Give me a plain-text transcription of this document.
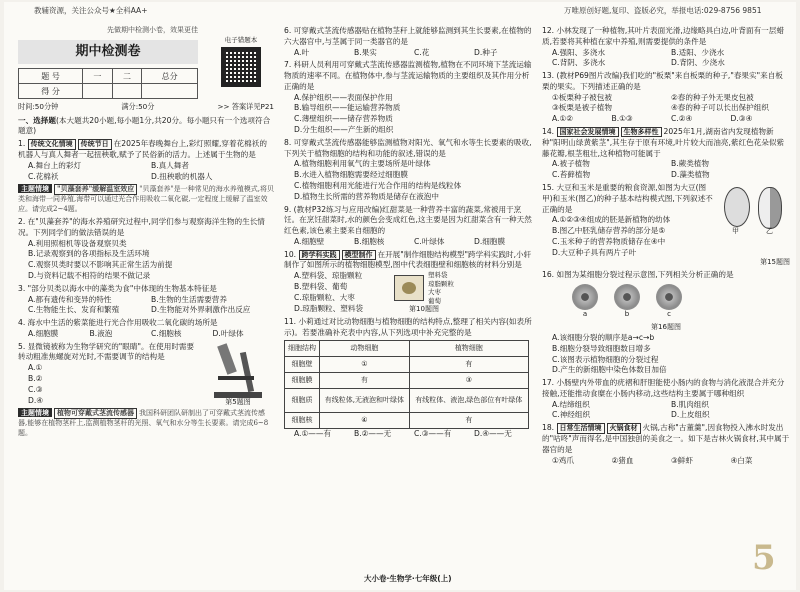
教辅资源，关注公众号★全科AA+	万唯原创好题,复印、盗版必究，举报电话:029-8756 9851
先做期中检测小卷，效果更佳
期中检测卷
题 号	一	二	总分
得 分			
电子错题本
时间:50分钟	满分:50分	>> 答案详见P21
一、选择题(本大题共20小题,每小题1分,共20分。每小题只有一个选项符合题意)
1. 传统文化情境 传统节日 在2025年春晚舞台上,彩灯照耀,穿着花棉袄的机器人与真人舞者一起扭秧歌,赋予了民俗新的活力。上述属于生物的是
A.舞台上的彩灯	B.真人舞者
C.花棉袄	D.扭秧歌的机器人
主题情境 "贝藻套养"缓解温室效应 "贝藻套养"是一种常见的海水养殖模式,将贝类和海带一同养殖,海带可以通过光合作用吸收二氧化碳,一定程度上缓解了温室效应。请完成2~4题。
2. 在"贝藻套养"的海水养殖研究过程中,同学们参与观察海洋生物的生长情况。下列同学们的做法错误的是
A.利用照相机等设备观察贝类
B.记录观察到的各项指标及生活环境
C.观察贝类时要以不影响其正常生活为前提
D.与资料记载不相符的结果不做记录
3. "部分贝类以海水中的藻类为食"中体现的生物基本特征是
A.都有遗传和变异的特性	B.生物的生活需要营养
C.生物能生长、发育和繁殖	D.生物能对外界刺激作出反应
4. 海水中生活的紫菜能进行光合作用吸收二氧化碳的场所是
A.细胞膜	B.液泡	C.细胞核	D.叶绿体
第5题图
5. 显微镜被称为生物学研究的"眼睛"。在使用时需要转动粗准焦螺旋对光时,不需要调节的结构是
A.①
B.②
C.③
D.④
主题情境 植物可穿戴式茎流传感器 我国科研团队研制出了可穿戴式茎流传感器,能够在植物茎秆上,监测植物茎秆的光照、氧气和水分等生长要素。请完成6~8题。
6. 可穿戴式茎流传感器贴在植物茎秆上就能够监测到其生长要素,在植物的六大器官中,与茎属于同一类器官的是
A.叶	B.果实	C.花	D.种子
7. 科研人员利用可穿戴式茎流传感器监测植物,植物在不同环境下茎流运输物质的速率不同。在植物体中,参与茎流运输物质的主要组织及其作用分析正确的是
A.保护组织——表面保护作用
B.输导组织——能运输营养物质
C.薄壁组织——储存营养物质
D.分生组织——产生新的组织
8. 可穿戴式茎流传感器能够监测植物对阳光、氧气和水等生长要素的吸收,下列关于植物细胞的结构和功能的叙述,错误的是
A.植物细胞利用氧气的主要场所是叶绿体
B.水进入植物细胞需要经过细胞膜
C.植物细胞利用光能进行光合作用的结构是线粒体
D.植物生长所需的营养物质是储存在液泡中
9. (教材P32练习与应用改编)红甜菜是一种营养丰富的蔬菜,常被用于烹饪。在烹饪甜菜时,水的颜色会变成红色,这主要是因为红甜菜含有一种天然红色素,该色素主要来自细胞的
A.细胞壁	B.细胞核	C.叶绿体	D.细胞膜
10. 跨学科实践 模型制作 在开展"制作细胞结构模型"跨学科实践时,小轩制作了如图所示的植物细胞模型,图中代表细胞壁和细胞核的材料分别是
A.塑料袋、琼脂颗粒
B.塑料袋、葡萄
C.琼脂颗粒、大枣
D.琼脂颗粒、塑料袋
塑料袋
琼脂颗粒
大枣
葡萄
第10题图
11. 小莉通过对比动物细胞与植物细胞的结构特点,整理了相关内容(如表所示)。若要准确补充表中内容,从下列选项中补充完整的是
细胞结构	动物细胞	植物细胞
细胞壁	①	有
细胞膜	有	③
细胞质	有线粒体,无液泡和叶绿体	有线粒体、液泡,绿色部位有叶绿体
细胞核	④	有
A.①——有	B.②——无	C.③——有	D.④——无
12. 小林发现了一种植物,其叶片表面光滑,边缘略具白边,叶背面有一层蜡质,若要将其种植在家中养殖,则需要提供的条件是
A.强阳、多浇水	B.适阳、少浇水
C.背阴、多浇水	D.背阴、少浇水
13. (教材P69图片改编)我们吃的"板栗"来自板栗的种子,"春果实"来自板栗的果实。下列描述正确的是
①板栗种子被包被	②春的种子外无果皮包被
③板栗是被子植物	④春的种子可以长出保护组织
A.①②	B.①③	C.②④	D.③④
14. 国家社会发展情境 生物多样性 2025年1月,湖南省内发现植物新种"阳明山绿黄紫茎",其生存于原有环境,叶片较大而油亮,紫红色花朵似紫藤花瓣,根茎粗壮,这种植物可能属于
A.被子植物	B.蕨类植物
C.苔藓植物	D.藻类植物
甲	乙
15. 大豆和玉米是重要的粮食资源,如图为大豆(图甲)和玉米(图乙)的种子基本结构模式图,下列叙述不正确的是
A.①②③④组成的胚是新植物的幼体
B.图乙中胚乳储存营养的部分是⑤
C.玉米种子的营养物质储存在④中
D.大豆种子具有两片子叶
第15题图
16. 如图为某细胞分裂过程示意图,下列相关分析正确的是
a	b	c
第16题图
A.该细胞分裂的顺序是a→c→b
B.细胞分裂导致细胞数目增多
C.该图表示植物细胞的分裂过程
D.产生的新细胞中染色体数目加倍
17. 小肠壁内外带血的疣褶和肝胆能使小肠内的食物与消化液混合并充分接触,还能推动食糜在小肠内移动,这些结构主要属于哪种组织
A.结缔组织	B.肌肉组织
C.神经组织	D.上皮组织
18. 日常生活情境 火锅食材 火锅,古称"古董羹",因食物投入沸水时发出的"咕咚"声而得名,是中国独创的美食之一。如下是吉林火锅食材,其中属于器官的是
①鸡爪	②猪血	③鲜虾	④白菜
大小卷·生物学·七年级(上)
5
